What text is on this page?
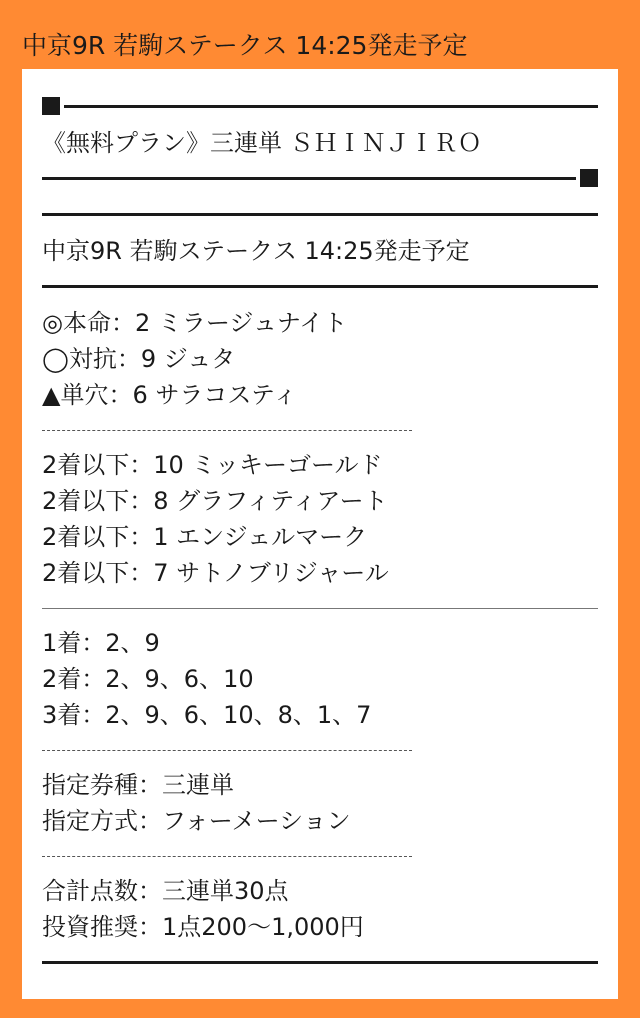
中京9R 若駒ステークス 14:25発走予定
《無料プラン》三連単 ＳＨＩＮＪＩＲＯ
中京9R 若駒ステークス 14:25発走予定
◎本命：2 ミラージュナイト
◯対抗：9 ジュタ
▲単穴：6 サラコスティ
2着以下：10 ミッキーゴールド
2着以下：8 グラフィティアート
2着以下：1 エンジェルマーク
2着以下：7 サトノブリジャール
1着：2、9
2着：2、9、6、10
3着：2、9、6、10、8、1、7
指定券種：三連単
指定方式：フォーメーション
合計点数：三連単30点
投資推奨：1点200〜1,000円
